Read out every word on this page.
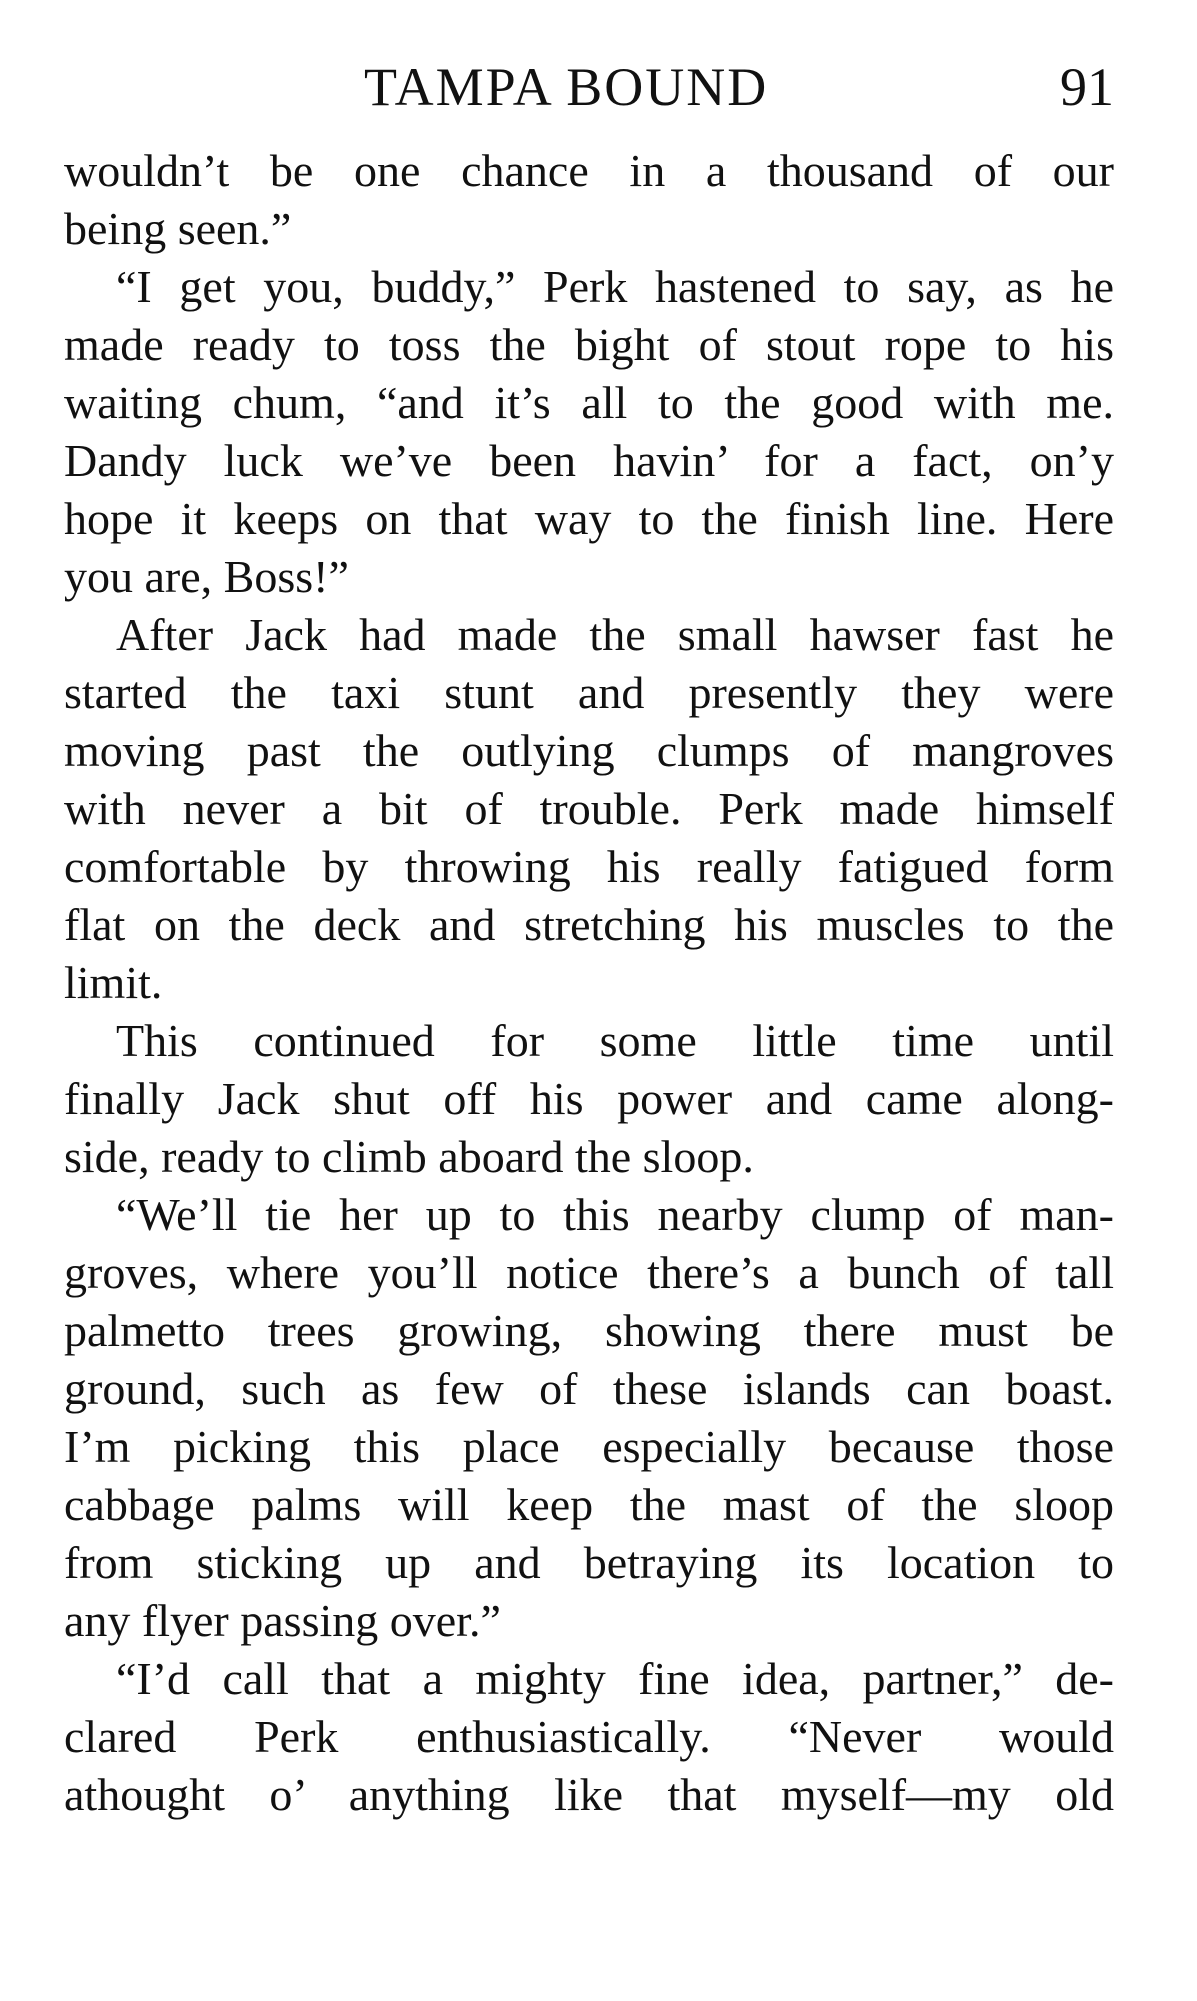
TAMPA BOUND	91
wouldn’t be one chance in a thousand of our
being seen.”
“I get you, buddy,” Perk hastened to say, as he
made ready to toss the bight of stout rope to his
waiting chum, “and it’s all to the good with me.
Dandy luck we’ve been havin’ for a fact, on’y
hope it keeps on that way to the finish line. Here
you are, Boss!”
After Jack had made the small hawser fast he
started the taxi stunt and presently they were
moving past the outlying clumps of mangroves
with never a bit of trouble. Perk made himself
comfortable by throwing his really fatigued form
flat on the deck and stretching his muscles to the
limit.
This continued for some little time until
finally Jack shut off his power and came along-
side, ready to climb aboard the sloop.
“We’ll tie her up to this nearby clump of man-
groves, where you’ll notice there’s a bunch of tall
palmetto trees growing, showing there must be
ground, such as few of these islands can boast.
I’m picking this place especially because those
cabbage palms will keep the mast of the sloop
from sticking up and betraying its location to
any flyer passing over.”
“I’d call that a mighty fine idea, partner,” de-
clared Perk enthusiastically. “Never would
athought o’ anything like that myself—my old
